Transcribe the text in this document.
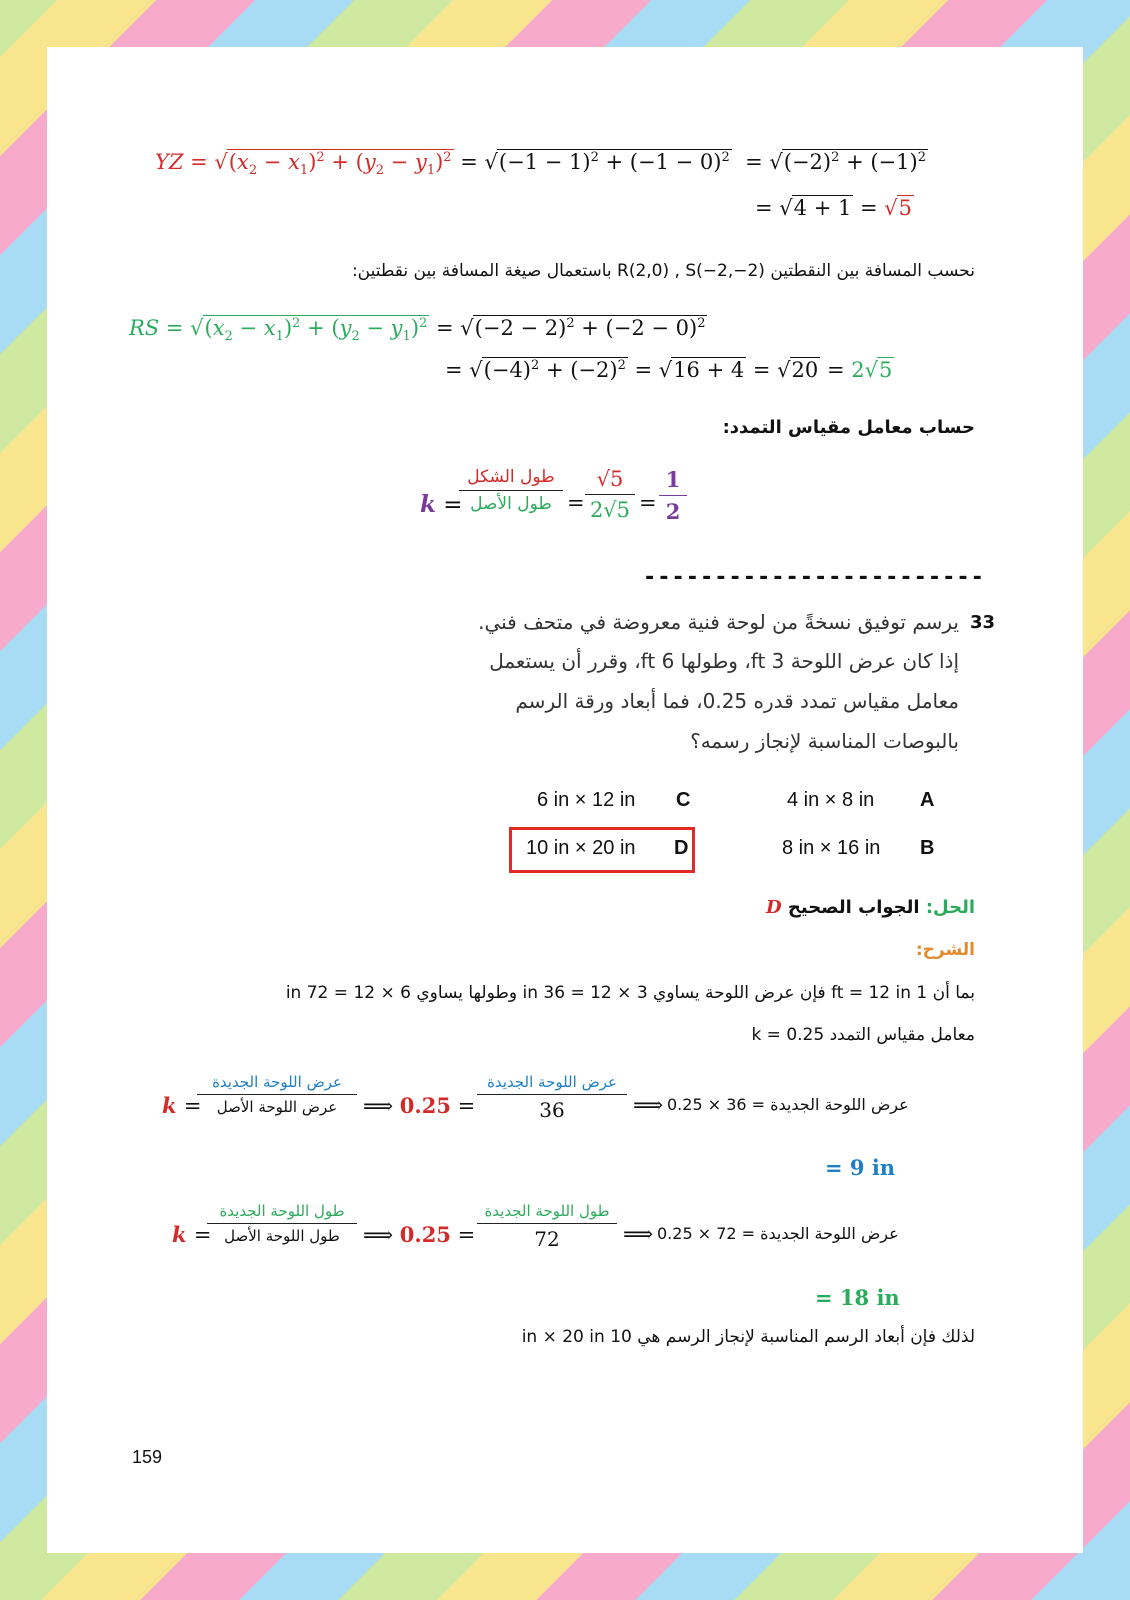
YZ = $√(x_2 - x_1)^2 + (y_2 - y_1)^2 = √(-1 - 1)^2 + (-1 - 0)^2 = √(-2)^2 + (-1)^2$
= √4 + 1 = √5
نحسب المسافة بين النقطتين R(2,0) , S(−2,−2) باستعمال صيغة المسافة بين نقطتين:
RS = $√(x_2 - x_1)^2 + (y_2 - y_1)^2 = √(-2 - 2)^2 + (-2 - 0)^2$
= $√(-4)^2 + (-2)^2 = √16 + 4 = √20 = 2√5$
حساب معامل مقياس التمدد:
k =
طول الشكل
طول الأصل =
√5
2√5 =
1
2
------------------------
33
يرسم توفيق نسخةً من لوحة فنية معروضة في متحف فني.
إذا كان عرض اللوحة 3 ft، وطولها 6 ft، وقرر أن يستعمل
معامل مقياس تمدد قدره 0.25، فما أبعاد ورقة الرسم
بالبوصات المناسبة لإنجاز رسمه؟
A
4 in × 8 in
B
8 in × 16 in
C
6 in × 12 in
D
10 in × 20 in
الحل: الجواب الصحيح D
الشرح:
بما أن 1 ft = 12 in فإن عرض اللوحة يساوي 3 × 12 = 36 in وطولها يساوي 6 × 12 = 72 in
معامل مقياس التمدد k = 0.25
k =
عرض اللوحة الجديدة
عرض اللوحة الأصل	⟹ 0.25 =
عرض اللوحة الجديدة
36	⟹ عرض اللوحة الجديدة = 36 × 0.25
= 9 in
k =
طول اللوحة الجديدة
طول اللوحة الأصل	⟹ 0.25 =
طول اللوحة الجديدة
72	⟹ عرض اللوحة الجديدة = 72 × 0.25
= 18 in
لذلك فإن أبعاد الرسم المناسبة لإنجاز الرسم هي 10 in × 20 in
159
